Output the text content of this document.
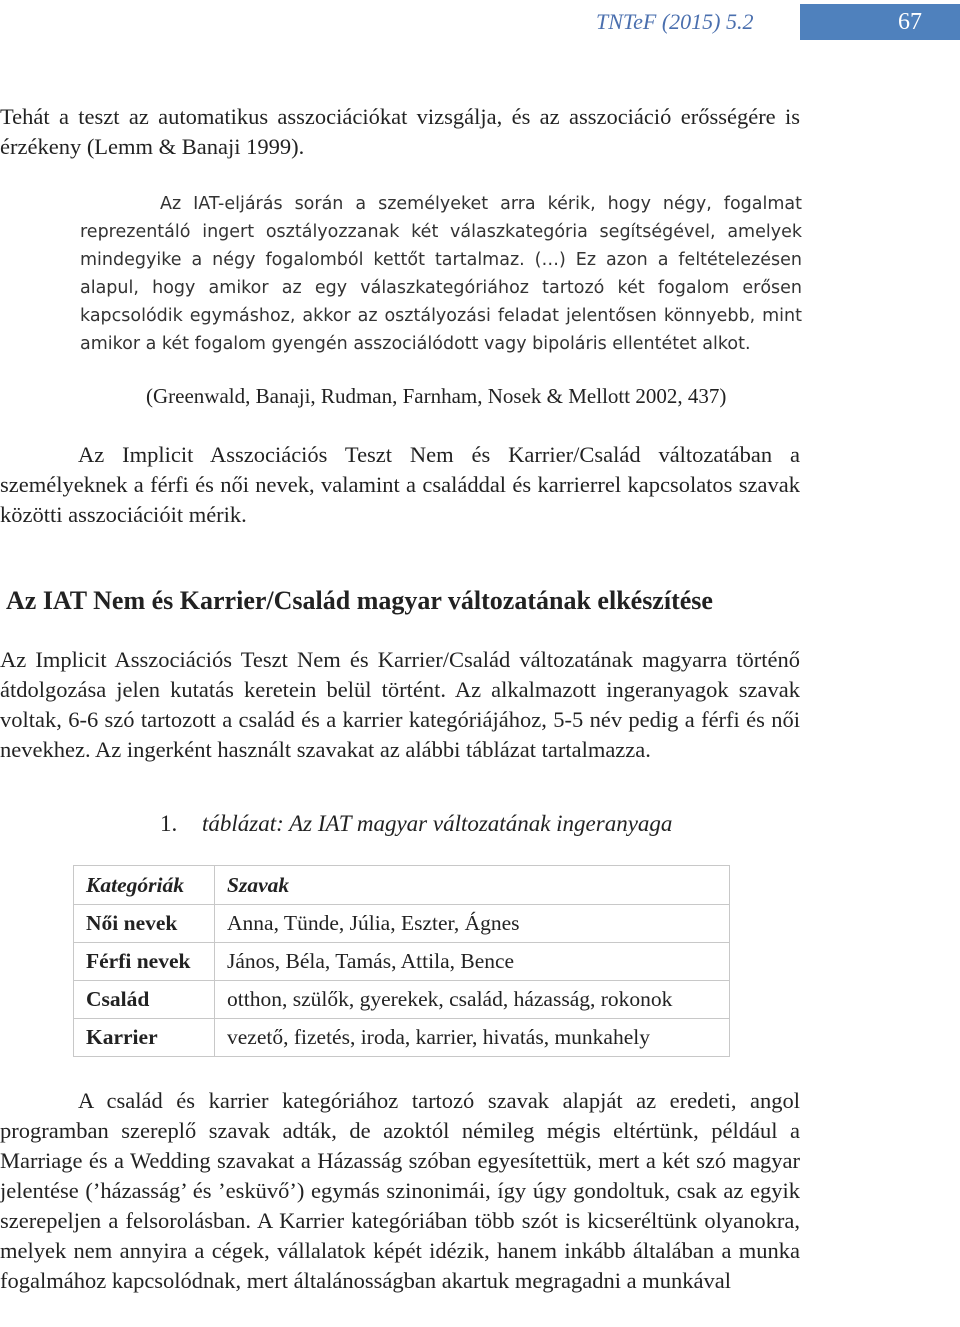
TNTeF (2015) 5.2	67

Tehát a teszt az automatikus asszociációkat vizsgálja, és az asszociáció erősségére is érzékeny (Lemm & Banaji 1999).

Az IAT-eljárás során a személyeket arra kérik, hogy négy, fogalmat reprezentáló ingert osztályozzanak két válaszkategória segítségével, amelyek mindegyike a négy fogalomból kettőt tartalmaz. (…) Ez azon a feltételezésen alapul, hogy amikor az egy válaszkategóriához tartozó két fogalom erősen kapcsolódik egymáshoz, akkor az osztályozási feladat jelentősen könnyebb, mint amikor a két fogalom gyengén asszociálódott vagy bipoláris ellentétet alkot.

(Greenwald, Banaji, Rudman, Farnham, Nosek & Mellott 2002, 437)

Az Implicit Asszociációs Teszt Nem és Karrier/Család változatában a személyeknek a férfi és női nevek, valamint a családdal és karrierrel kapcsolatos szavak közötti asszociációit mérik.

Az IAT Nem és Karrier/Család magyar változatának elkészítése

Az Implicit Asszociációs Teszt Nem és Karrier/Család változatának magyarra történő átdolgozása jelen kutatás keretein belül történt. Az alkalmazott ingeranyagok szavak voltak, 6-6 szó tartozott a család és a karrier kategóriájához, 5-5 név pedig a férfi és női nevekhez. Az ingerként használt szavakat az alábbi táblázat tartalmazza.

1. táblázat: Az IAT magyar változatának ingeranyaga

Kategóriák	Szavak
Női nevek	Anna, Tünde, Júlia, Eszter, Ágnes
Férfi nevek	János, Béla, Tamás, Attila, Bence
Család	otthon, szülők, gyerekek, család, házasság, rokonok
Karrier	vezető, fizetés, iroda, karrier, hivatás, munkahely

A család és karrier kategóriához tartozó szavak alapját az eredeti, angol programban szereplő szavak adták, de azoktól némileg mégis eltértünk, például a Marriage és a Wedding szavakat a Házasság szóban egyesítettük, mert a két szó magyar jelentése (’házasság’ és ’esküvő’) egymás szinonimái, így úgy gondoltuk, csak az egyik szerepeljen a felsorolásban. A Karrier kategóriában több szót is kicseréltünk olyanokra, melyek nem annyira a cégek, vállalatok képét idézik, hanem inkább általában a munka fogalmához kapcsolódnak, mert általánosságban akartuk megragadni a munkával
